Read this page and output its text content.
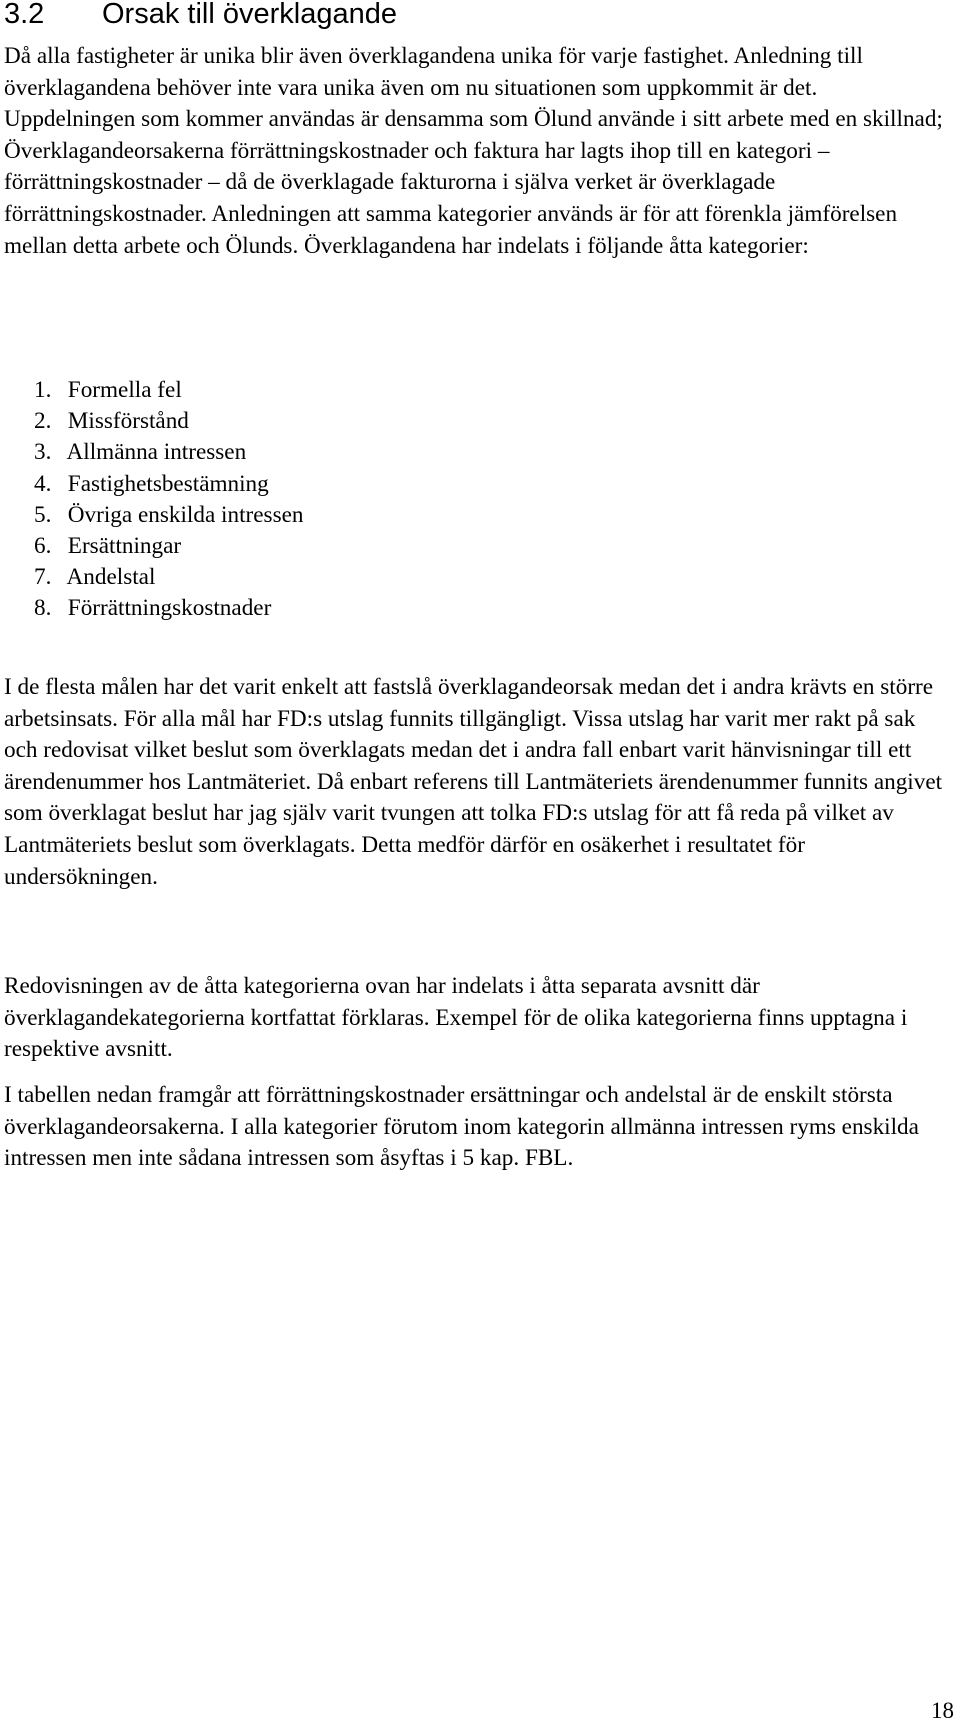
3.2 Orsak till överklagande

Då alla fastigheter är unika blir även överklagandena unika för varje fastighet. Anledning till överklagandena behöver inte vara unika även om nu situationen som uppkommit är det. Uppdelningen som kommer användas är densamma som Ölund använde i sitt arbete med en skillnad; Överklagandeorsakerna förrättningskostnader och faktura har lagts ihop till en kategori – förrättningskostnader – då de överklagade fakturorna i själva verket är överklagade förrättningskostnader. Anledningen att samma kategorier används är för att förenkla jämförelsen mellan detta arbete och Ölunds. Överklagandena har indelats i följande åtta kategorier:

1. Formella fel
2. Missförstånd
3. Allmänna intressen
4. Fastighetsbestämning
5. Övriga enskilda intressen
6. Ersättningar
7. Andelstal
8. Förrättningskostnader

I de flesta målen har det varit enkelt att fastslå överklagandeorsak medan det i andra krävts en större arbetsinsats. För alla mål har FD:s utslag funnits tillgängligt. Vissa utslag har varit mer rakt på sak och redovisat vilket beslut som överklagats medan det i andra fall enbart varit hänvisningar till ett ärendenummer hos Lantmäteriet. Då enbart referens till Lantmäteriets ärendenummer funnits angivet som överklagat beslut har jag själv varit tvungen att tolka FD:s utslag för att få reda på vilket av Lantmäteriets beslut som överklagats. Detta medför därför en osäkerhet i resultatet för undersökningen.

Redovisningen av de åtta kategorierna ovan har indelats i åtta separata avsnitt där överklagandekategorierna kortfattat förklaras. Exempel för de olika kategorierna finns upptagna i respektive avsnitt.

I tabellen nedan framgår att förrättningskostnader ersättningar och andelstal är de enskilt största överklagandeorsakerna. I alla kategorier förutom inom kategorin allmänna intressen ryms enskilda intressen men inte sådana intressen som åsyftas i 5 kap. FBL.

18
